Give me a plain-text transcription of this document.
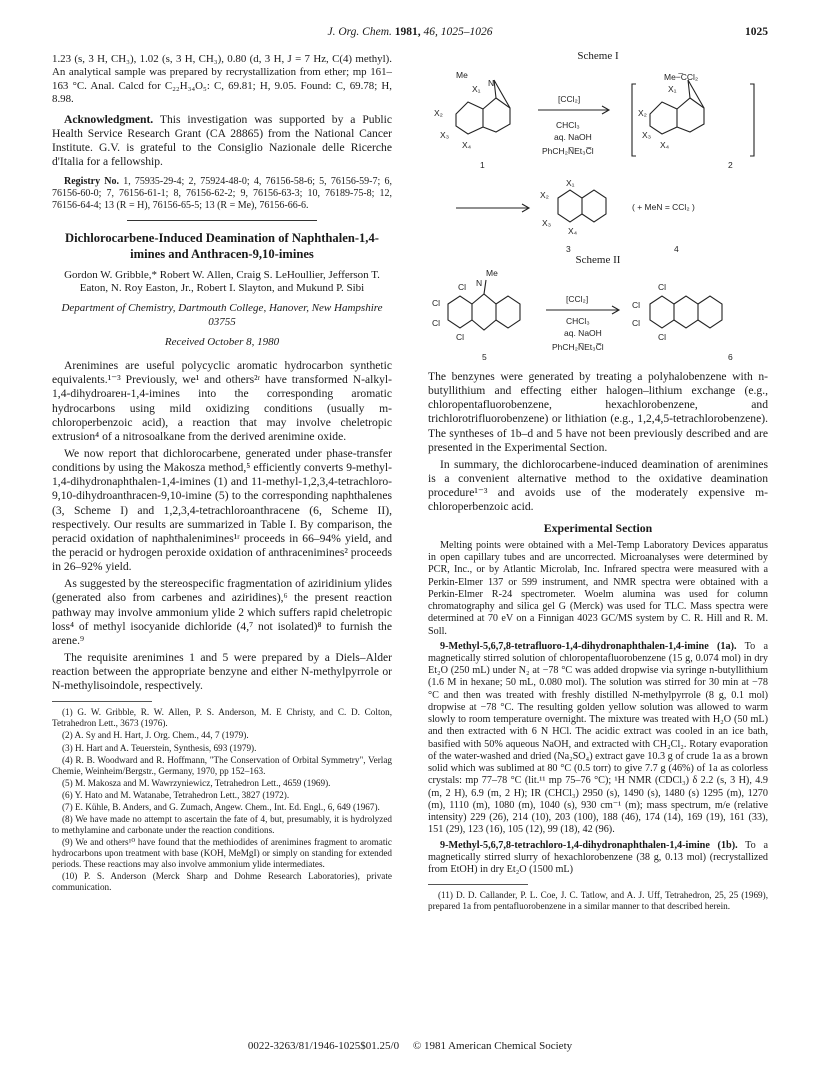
J. Org. Chem. 1981, 46, 1025–1026	1025

1.23 (s, 3 H, CH₃), 1.02 (s, 3 H, CH₃), 0.80 (d, 3 H, J = 7 Hz, C(4) methyl). An analytical sample was prepared by recrystallization from ether; mp 161–163 °C. Anal. Calcd for C₂₂H₃₄O₅: C, 69.81; H, 9.05. Found: C, 69.78; H, 8.98.

Acknowledgment. This investigation was supported by a Public Health Service Research Grant (CA 28865) from the National Cancer Institute. G.V. is grateful to the Consiglio Nazionale delle Ricerche d'Italia for a fellowship.

Registry No. 1, 75935-29-4; 2, 75924-48-0; 4, 76156-58-6; 5, 76156-59-7; 6, 76156-60-0; 7, 76156-61-1; 8, 76156-62-2; 9, 76156-63-3; 10, 76189-75-8; 12, 76156-64-4; 13 (R = H), 76156-65-5; 13 (R = Me), 76156-66-6.

Dichlorocarbene-Induced Deamination of Naphthalen-1,4-imines and Anthracen-9,10-imines
Gordon W. Gribble,* Robert W. Allen, Craig S. LeHoullier, Jefferson T. Eaton, N. Roy Easton, Jr., Robert I. Slayton, and Mukund P. Sibi
Department of Chemistry, Dartmouth College, Hanover, New Hampshire 03755
Received October 8, 1980

Arenimines are useful polycyclic aromatic hydrocarbon synthetic equivalents.¹⁻³ Previously, we¹ and others²ʳ have transformed N-alkyl-1,4-dihydroarен-1,4-imines into the corresponding aromatic hydrocarbons using mild oxidizing conditions (usually m-chloroperbenzoic acid), a reaction that may involve cheletropic extrusion⁴ of a nitrosoalkane from the derived arenimine oxide.

We now report that dichlorocarbene, generated under phase-transfer conditions by using the Makosza method,⁵ efficiently converts 9-methyl-1,4-dihydronaphthalen-1,4-imines (1) and 11-methyl-1,2,3,4-tetrachloro-9,10-dihydroanthracen-9,10-imine (5) to the corresponding naphthalenes (3, Scheme I) and 1,2,3,4-tetrachloroanthracene (6, Scheme II), respectively. Our results are summarized in Table I. By comparison, the peracid oxidation of naphthalenimines¹ʳ proceeds in 66–94% yield, and the peracid or hydrogen peroxide oxidation of anthracenimines² proceeds in 26–92% yield.

As suggested by the stereospecific fragmentation of aziridinium ylides (generated also from carbenes and aziridines),⁶ the present reaction pathway may involve ammonium ylide 2 which suffers rapid cheletropic loss⁴ of methyl isocyanide dichloride (4,⁷ not isolated)⁸ to furnish the arene.⁹

The requisite arenimines 1 and 5 were prepared by a Diels–Alder reaction between the appropriate benzyne and either N-methylpyrrole or N-methylisoindole, respectively.

(1) G. W. Gribble, R. W. Allen, P. S. Anderson, M. E Christy, and C. D. Colton, Tetrahedron Lett., 3673 (1976).

(2) A. Sy and H. Hart, J. Org. Chem., 44, 7 (1979).

(3) H. Hart and A. Teuerstein, Synthesis, 693 (1979).

(4) R. B. Woodward and R. Hoffmann, "The Conservation of Orbital Symmetry", Verlag Chemie, Weinheim/Bergstr., Germany, 1970, pp 152–163.

(5) M. Makosza and M. Wawrzyniewicz, Tetrahedron Lett., 4659 (1969).

(6) Y. Hato and M. Watanabe, Tetrahedron Lett., 3827 (1972).

(7) E. Kühle, B. Anders, and G. Zumach, Angew. Chem., Int. Ed. Engl., 6, 649 (1967).

(8) We have made no attempt to ascertain the fate of 4, but, presumably, it is hydrolyzed to methylamine and carbonate under the reaction conditions.

(9) We and others¹⁰ have found that the methiodides of arenimines fragment to aromatic hydrocarbons upon treatment with base (KOH, MeMgI) or simply on standing for extended periods. These reactions may also involve ammonium ylide intermediates.

(10) P. S. Anderson (Merck Sharp and Dohme Research Laboratories), private communication.

Scheme I
Me
N
X₁
X₂
X₃
X₄
1
[CCl₂]
CHCl₃
aq. NaOH
PhCH₂N̅Et₃C̅l
Me−̅CCl₂
X₁
X₂
X₃
X₄
2
X₁
X₂
X₃
X₄
3
( + MeN = CCl₂ )
4
Scheme II
Me
N
Cl
Cl
Cl
Cl
5
[CCl₂]
CHCl₃
aq. NaOH
PhCH₂N̅Et₃C̅l
Cl
Cl
Cl
Cl
6

The benzynes were generated by treating a polyhalobenzene with n-butyllithium and effecting either halogen–lithium exchange (e.g., chloropentafluorobenzene, hexachlorobenzene, and trichlorotrifluorobenzene) or lithiation (e.g., 1,2,4,5-tetrachlorobenzene). The syntheses of 1b–d and 5 have not been previously described and are presented in the Experimental Section.

In summary, the dichlorocarbene-induced deamination of arenimines is a convenient alternative method to the oxidative deamination procedure¹⁻³ and avoids use of the moderately expensive m-chloroperbenzoic acid.

Experimental Section

Melting points were obtained with a Mel-Temp Laboratory Devices apparatus in open capillary tubes and are uncorrected. Microanalyses were determined by PCR, Inc., or by Atlantic Microlab, Inc. Infrared spectra were measured with a Perkin-Elmer 137 or 599 instrument, and NMR spectra were obtained with a Perkin-Elmer R-24 spectrometer. Woelm alumina was used for column chromatography and silica gel G (Merck) was used for TLC. Mass spectra were determined at 70 eV on a Finnigan 4023 GC/MS system by C. R. Hill and R. M. Soll.

9-Methyl-5,6,7,8-tetrafluoro-1,4-dihydronaphthalen-1,4-imine (1a). To a magnetically stirred solution of chloropentafluorobenzene (15 g, 0.074 mol) in dry Et₂O (250 mL) under N₂ at −78 °C was added dropwise via syringe n-butyllithium (1.6 M in hexane; 50 mL, 0.080 mol). The solution was stirred for 30 min at −78 °C and then was treated with freshly distilled N-methylpyrrole (8 g, 0.1 mol) dropwise at −78 °C. The resulting golden yellow solution was allowed to warm slowly to room temperature overnight. The mixture was treated with H₂O (50 mL) and then extracted with 6 N HCl. The acidic extract was cooled in an ice bath, basified with 50% aqueous NaOH, and extracted with CH₂Cl₂. Rotary evaporation of the water-washed and dried (Na₂SO₄) extract gave 10.3 g of crude 1a as a brown solid which was sublimed at 80 °C (0.5 torr) to give 7.7 g (46%) of 1a as colorless crystals: mp 77–78 °C (lit.¹¹ mp 75–76 °C); ¹H NMR (CDCl₃) δ 2.2 (s, 3 H), 4.9 (m, 2 H), 6.9 (m, 2 H); IR (CHCl₃) 2950 (s), 1490 (s), 1480 (s) 1295 (m), 1270 (m), 1110 (m), 1080 (m), 1040 (s), 930 cm⁻¹ (m); mass spectrum, m/e (relative intensity) 229 (26), 214 (10), 203 (100), 188 (46), 174 (14), 169 (19), 161 (33), 151 (29), 123 (16), 105 (12), 99 (18), 42 (96).

9-Methyl-5,6,7,8-tetrachloro-1,4-dihydronaphthalen-1,4-imine (1b). To a magnetically stirred slurry of hexachlorobenzene (38 g, 0.13 mol) (recrystallized from EtOH) in dry Et₂O (1500 mL)

(11) D. D. Callander, P. L. Coe, J. C. Tatlow, and A. J. Uff, Tetrahedron, 25, 25 (1969), prepared 1a from pentafluorobenzene in a similar manner to that described herein.

0022-3263/81/1946-1025$01.25/0 © 1981 American Chemical Society
